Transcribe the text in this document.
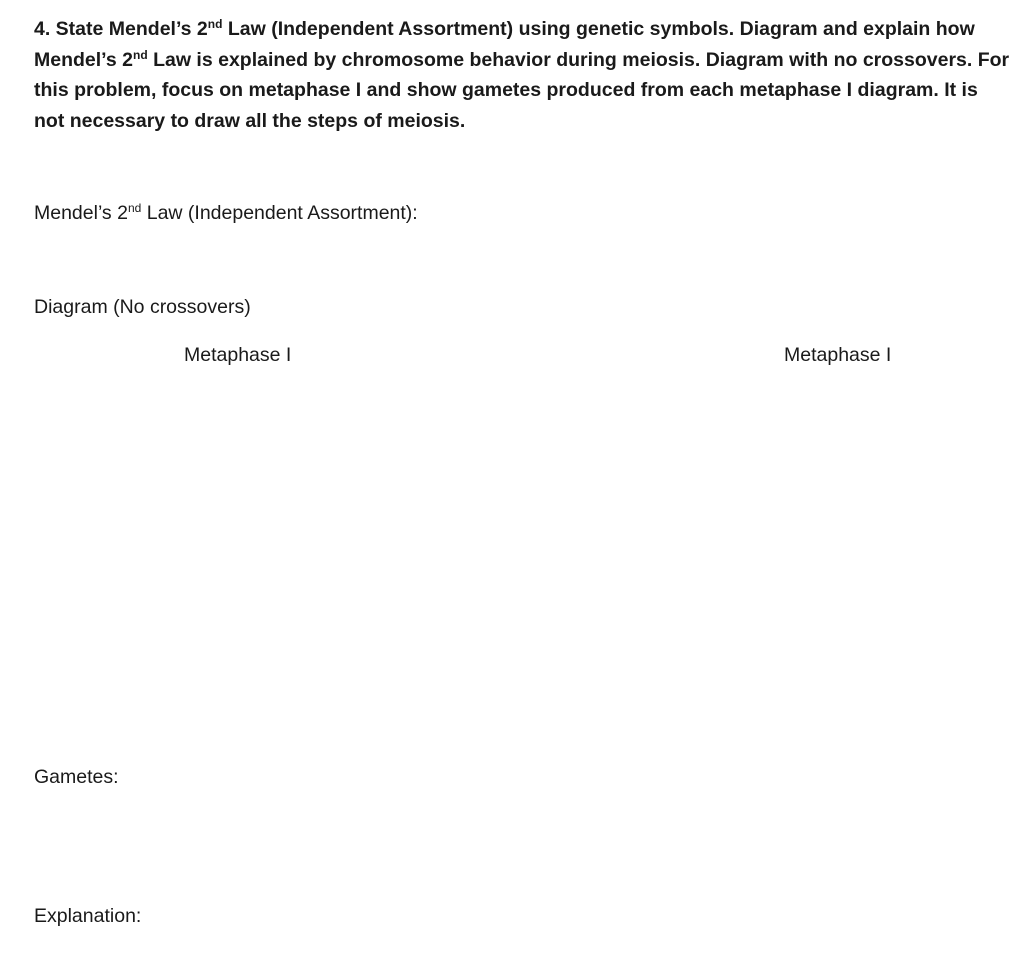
4. State Mendel’s 2nd Law (Independent Assortment) using genetic symbols. Diagram and explain how
Mendel’s 2nd Law is explained by chromosome behavior during meiosis. Diagram with no crossovers. For
this problem, focus on metaphase I and show gametes produced from each metaphase I diagram. It is
not necessary to draw all the steps of meiosis.
Mendel’s 2nd Law (Independent Assortment):
Diagram (No crossovers)
Metaphase I	Metaphase I
Gametes:
Explanation:
